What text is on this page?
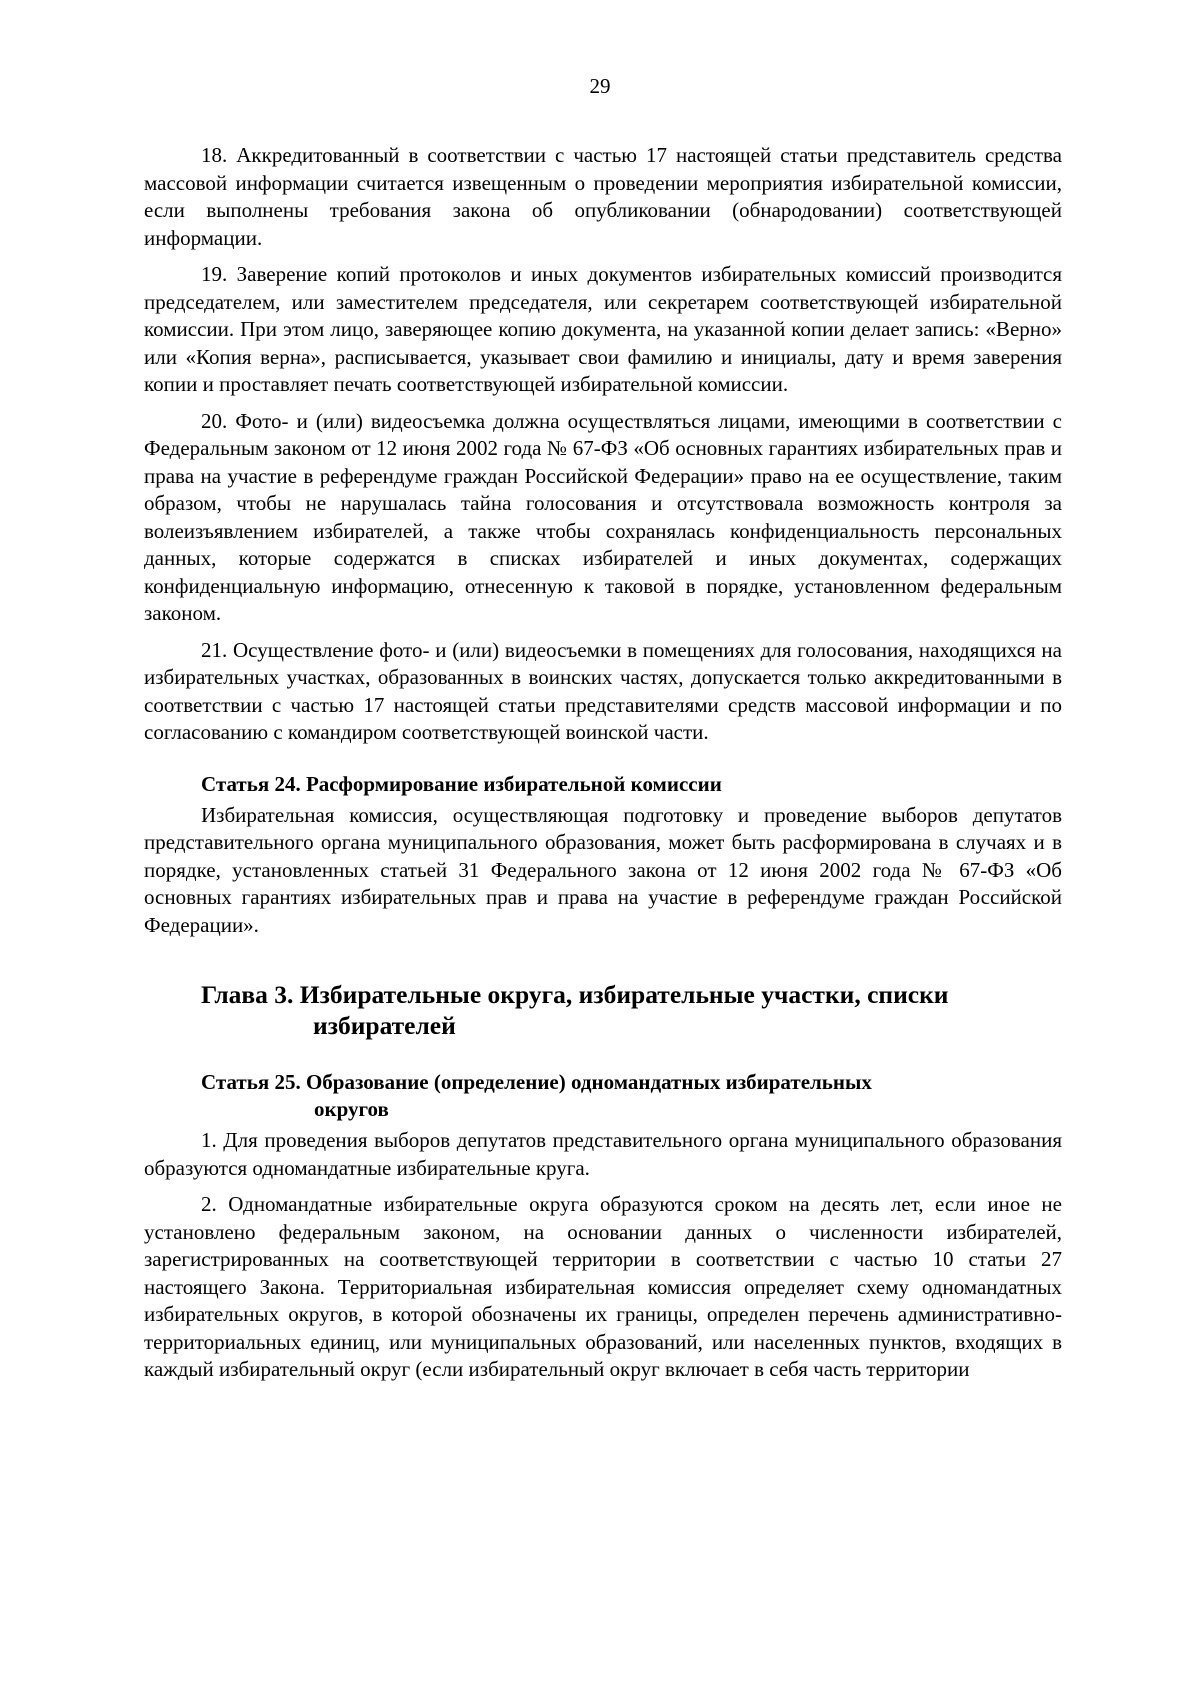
29

18. Аккредитованный в соответствии с частью 17 настоящей статьи представитель средства массовой информации считается извещенным о проведении мероприятия избирательной комиссии, если выполнены требования закона об опубликовании (обнародовании) соответствующей информации.

19. Заверение копий протоколов и иных документов избирательных комиссий производится председателем, или заместителем председателя, или секретарем соответствующей избирательной комиссии. При этом лицо, заверяющее копию документа, на указанной копии делает запись: «Верно» или «Копия верна», расписывается, указывает свои фамилию и инициалы, дату и время заверения копии и проставляет печать соответствующей избирательной комиссии.

20. Фото- и (или) видеосъемка должна осуществляться лицами, имеющими в соответствии с Федеральным законом от 12 июня 2002 года № 67-ФЗ «Об основных гарантиях избирательных прав и права на участие в референдуме граждан Российской Федерации» право на ее осуществление, таким образом, чтобы не нарушалась тайна голосования и отсутствовала возможность контроля за волеизъявлением избирателей, а также чтобы сохранялась конфиденциальность персональных данных, которые содержатся в списках избирателей и иных документах, содержащих конфиденциальную информацию, отнесенную к таковой в порядке, установленном федеральным законом.

21. Осуществление фото- и (или) видеосъемки в помещениях для голосования, находящихся на избирательных участках, образованных в воинских частях, допускается только аккредитованными в соответствии с частью 17 настоящей статьи представителями средств массовой информации и по согласованию с командиром соответствующей воинской части.

Статья 24. Расформирование избирательной комиссии

Избирательная комиссия, осуществляющая подготовку и проведение выборов депутатов представительного органа муниципального образования, может быть расформирована в случаях и в порядке, установленных статьей 31 Федерального закона от 12 июня 2002 года № 67-ФЗ «Об основных гарантиях избирательных прав и права на участие в референдуме граждан Российской Федерации».

Глава 3. Избирательные округа, избирательные участки, списки
избирателей
Статья 25. Образование (определение) одномандатных избирательных
округов

1. Для проведения выборов депутатов представительного органа муниципального образования образуются одномандатные избирательные круга.

2. Одномандатные избирательные округа образуются сроком на десять лет, если иное не установлено федеральным законом, на основании данных о численности избирателей, зарегистрированных на соответствующей территории в соответствии с частью 10 статьи 27 настоящего Закона. Территориальная избирательная комиссия определяет схему одномандатных избирательных округов, в которой обозначены их границы, определен перечень административно-территориальных единиц, или муниципальных образований, или населенных пунктов, входящих в каждый избирательный округ (если избирательный округ включает в себя часть территории
